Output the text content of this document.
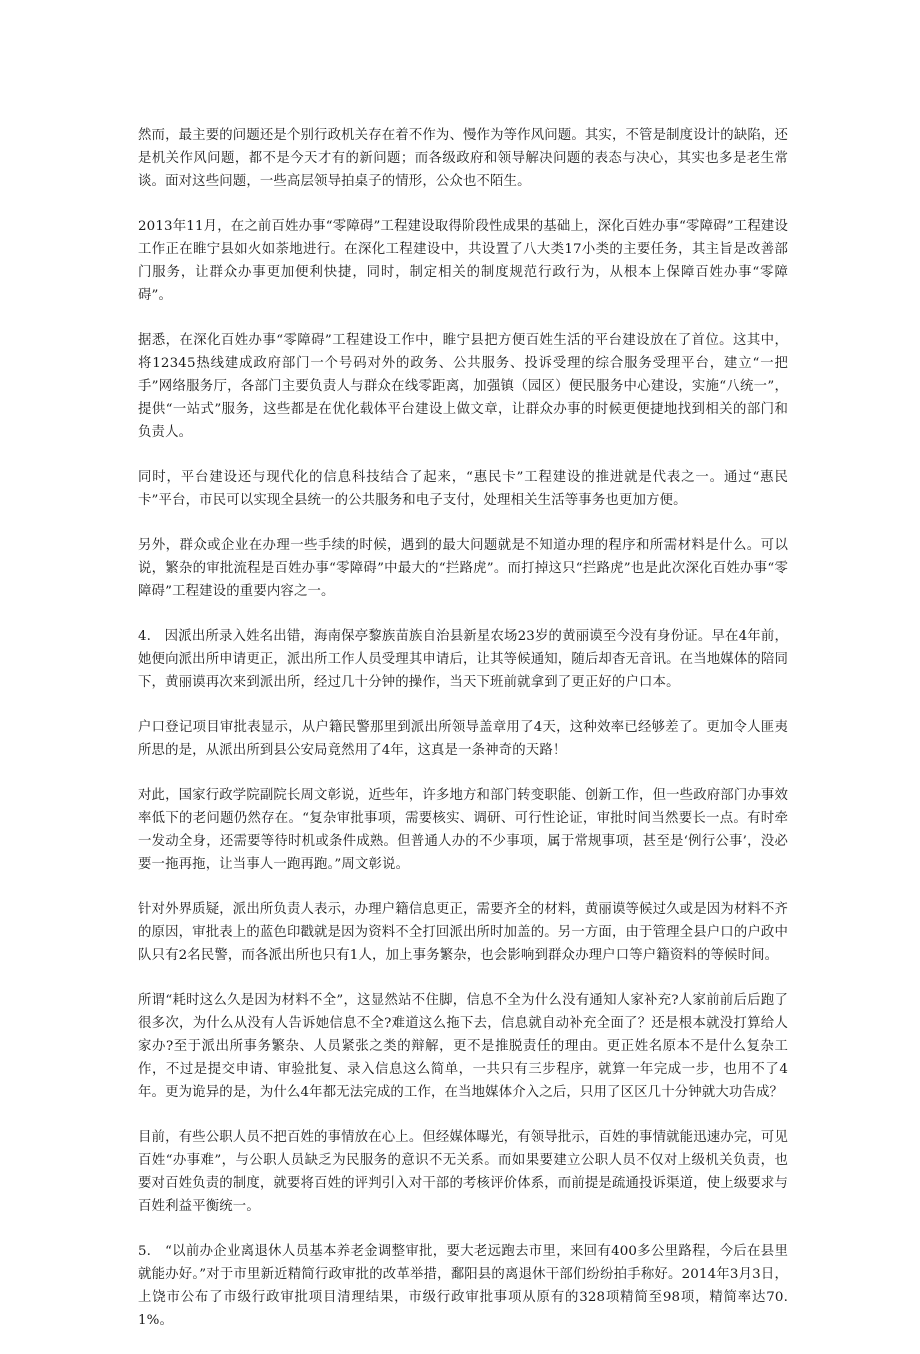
然而，最主要的问题还是个别行政机关存在着不作为、慢作为等作风问题。其实，不管是制度设计的缺陷，还是机关作风问题，都不是今天才有的新问题；而各级政府和领导解决问题的表态与决心，其实也多是老生常谈。面对这些问题，一些高层领导拍桌子的情形，公众也不陌生。

2013年11月，在之前百姓办事“零障碍”工程建设取得阶段性成果的基础上，深化百姓办事“零障碍”工程建设工作正在睢宁县如火如荼地进行。在深化工程建设中，共设置了八大类17小类的主要任务，其主旨是改善部门服务，让群众办事更加便利快捷，同时，制定相关的制度规范行政行为，从根本上保障百姓办事“零障碍”。

据悉，在深化百姓办事“零障碍”工程建设工作中，睢宁县把方便百姓生活的平台建设放在了首位。这其中，将12345热线建成政府部门一个号码对外的政务、公共服务、投诉受理的综合服务受理平台，建立“一把手”网络服务厅，各部门主要负责人与群众在线零距离，加强镇（园区）便民服务中心建设，实施“八统一”，提供“一站式”服务，这些都是在优化载体平台建设上做文章，让群众办事的时候更便捷地找到相关的部门和负责人。

同时，平台建设还与现代化的信息科技结合了起来，“惠民卡”工程建设的推进就是代表之一。通过“惠民卡”平台，市民可以实现全县统一的公共服务和电子支付，处理相关生活等事务也更加方便。

另外，群众或企业在办理一些手续的时候，遇到的最大问题就是不知道办理的程序和所需材料是什么。可以说，繁杂的审批流程是百姓办事“零障碍”中最大的“拦路虎”。而打掉这只“拦路虎”也是此次深化百姓办事“零障碍”工程建设的重要内容之一。

4.　因派出所录入姓名出错，海南保亭黎族苗族自治县新星农场23岁的黄丽谟至今没有身份证。早在4年前，她便向派出所申请更正，派出所工作人员受理其申请后，让其等候通知，随后却杳无音讯。在当地媒体的陪同下，黄丽谟再次来到派出所，经过几十分钟的操作，当天下班前就拿到了更正好的户口本。

户口登记项目审批表显示，从户籍民警那里到派出所领导盖章用了4天，这种效率已经够差了。更加令人匪夷所思的是，从派出所到县公安局竟然用了4年，这真是一条神奇的天路！

对此，国家行政学院副院长周文彰说，近些年，许多地方和部门转变职能、创新工作，但一些政府部门办事效率低下的老问题仍然存在。“复杂审批事项，需要核实、调研、可行性论证，审批时间当然要长一点。有时牵一发动全身，还需要等待时机或条件成熟。但普通人办的不少事项，属于常规事项，甚至是‘例行公事’，没必要一拖再拖，让当事人一跑再跑。”周文彰说。

针对外界质疑，派出所负责人表示，办理户籍信息更正，需要齐全的材料，黄丽谟等候过久或是因为材料不齐的原因，审批表上的蓝色印戳就是因为资料不全打回派出所时加盖的。另一方面，由于管理全县户口的户政中队只有2名民警，而各派出所也只有1人，加上事务繁杂，也会影响到群众办理户口等户籍资料的等候时间。

所谓“耗时这么久是因为材料不全”，这显然站不住脚，信息不全为什么没有通知人家补充?人家前前后后跑了很多次，为什么从没有人告诉她信息不全?难道这么拖下去，信息就自动补充全面了？还是根本就没打算给人家办?至于派出所事务繁杂、人员紧张之类的辩解，更不是推脱责任的理由。更正姓名原本不是什么复杂工作，不过是提交申请、审验批复、录入信息这么简单，一共只有三步程序，就算一年完成一步，也用不了4年。更为诡异的是，为什么4年都无法完成的工作，在当地媒体介入之后，只用了区区几十分钟就大功告成？

目前，有些公职人员不把百姓的事情放在心上。但经媒体曝光，有领导批示，百姓的事情就能迅速办完，可见百姓“办事难”，与公职人员缺乏为民服务的意识不无关系。而如果要建立公职人员不仅对上级机关负责，也要对百姓负责的制度，就要将百姓的评判引入对干部的考核评价体系，而前提是疏通投诉渠道，使上级要求与百姓利益平衡统一。

5.　“以前办企业离退休人员基本养老金调整审批，要大老远跑去市里，来回有400多公里路程，今后在县里就能办好。”对于市里新近精简行政审批的改革举措，鄱阳县的离退休干部们纷纷拍手称好。2014年3月3日，上饶市公布了市级行政审批项目清理结果，市级行政审批事项从原有的328项精简至98项，精简率达70.1%。
